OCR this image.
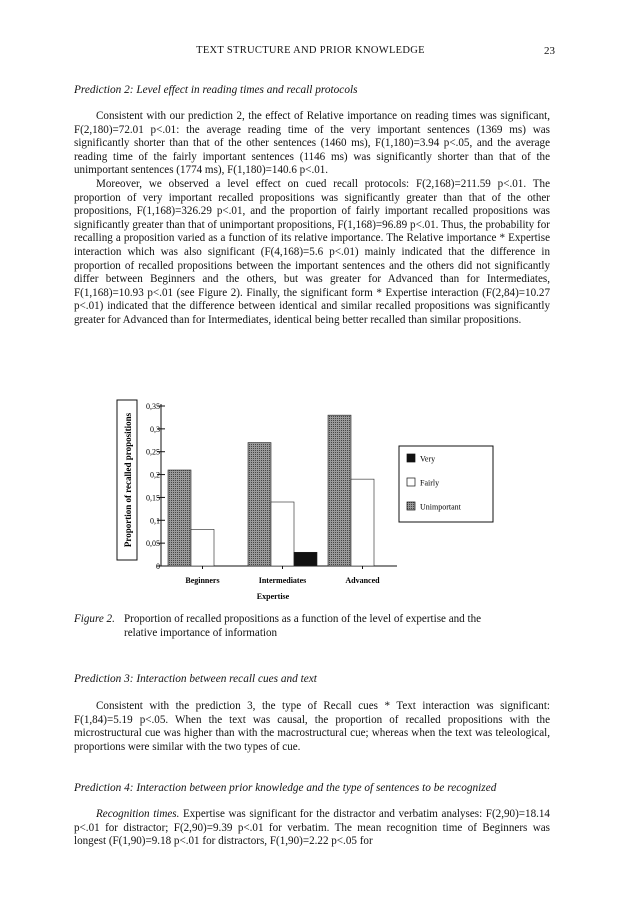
TEXT STRUCTURE AND PRIOR KNOWLEDGE	23
Prediction 2: Level effect in reading times and recall protocols

Consistent with our prediction 2, the effect of Relative importance on reading times was significant, F(2,180)=72.01 p<.01: the average reading time of the very important sentences (1369 ms) was significantly shorter than that of the other sentences (1460 ms), F(1,180)=3.94 p<.05, and the average reading time of the fairly important sentences (1146 ms) was significantly shorter than that of the unimportant sentences (1774 ms), F(1,180)=140.6 p<.01.

Moreover, we observed a level effect on cued recall protocols: F(2,168)=211.59 p<.01. The proportion of very important recalled propositions was significantly greater than that of the other propositions, F(1,168)=326.29 p<.01, and the proportion of fairly important recalled propositions was significantly greater than that of unimportant propositions, F(1,168)=96.89 p<.01. Thus, the probability for recalling a proposition varied as a function of its relative importance. The Relative importance * Expertise interaction which was also significant (F(4,168)=5.6 p<.01) mainly indicated that the difference in proportion of recalled propositions between the important sentences and the others did not significantly differ between Beginners and the others, but was greater for Advanced than for Intermediates, F(1,168)=10.93 p<.01 (see Figure 2). Finally, the significant form * Expertise interaction (F(2,84)=10.27 p<.01) indicated that the difference between identical and similar recalled propositions was significantly greater for Advanced than for Intermediates, identical being better recalled than similar propositions.

Proportion of recalled propositions
0
0,05
0,1
0,15
0,2
0,25
0,3
0,35
Beginners	Intermediates	Advanced
Expertise
Very
Fairly
Unimportant
Figure 2. Proportion of recalled propositions as a function of the level of expertise and the
relative importance of information
Prediction 3: Interaction between recall cues and text

Consistent with the prediction 3, the type of Recall cues * Text interaction was significant: F(1,84)=5.19 p<.05. When the text was causal, the proportion of recalled propositions with the microstructural cue was higher than with the macrostructural cue; whereas when the text was teleological, proportions were similar with the two types of cue.

Prediction 4: Interaction between prior knowledge and the type of sentences to be recognized

Recognition times. Expertise was significant for the distractor and verbatim analyses: F(2,90)=18.14 p<.01 for distractor; F(2,90)=9.39 p<.01 for verbatim. The mean recognition time of Beginners was longest (F(1,90)=9.18 p<.01 for distractors, F(1,90)=2.22 p<.05 for
